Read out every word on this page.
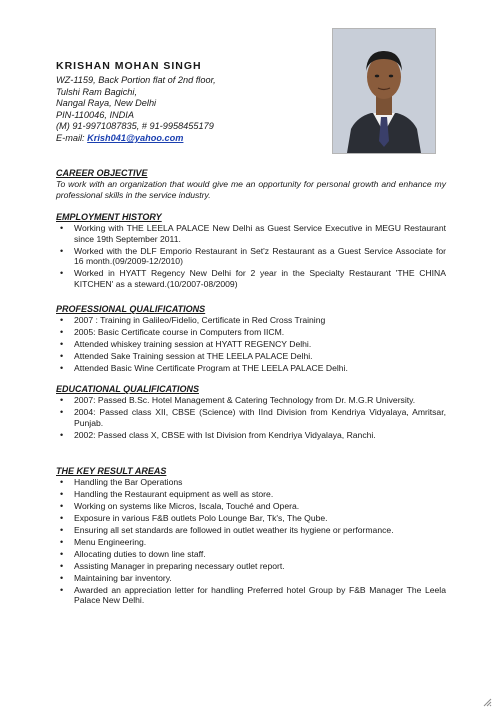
KRISHAN MOHAN SINGH
WZ-1159, Back Portion flat of 2nd floor,
Tulshi Ram Bagichi,
Nangal Raya, New Delhi
PIN-110046, INDIA
(M) 91-9971087835, # 91-9958455179
E-mail: Krish041@yahoo.com
CAREER OBJECTIVE
To work with an organization that would give me an opportunity for personal growth and enhance my professional skills in the service industry.
EMPLOYMENT HISTORY
• Working with THE LEELA PALACE New Delhi as Guest Service Executive in MEGU Restaurant since 19th September 2011.
• Worked with the DLF Emporio Restaurant in Set'z Restaurant as a Guest Service Associate for 16 month.(09/2009-12/2010)
• Worked in HYATT Regency New Delhi for 2 year in the Specialty Restaurant 'THE CHINA KITCHEN' as a steward.(10/2007-08/2009)
PROFESSIONAL QUALIFICATIONS
• 2007 : Training in Galileo/Fidelio, Certificate in Red Cross Training
• 2005: Basic Certificate course in Computers from IICM.
• Attended whiskey training session at HYATT REGENCY Delhi.
• Attended Sake Training session at THE LEELA PALACE Delhi.
• Attended Basic Wine Certificate Program at THE LEELA PALACE Delhi.
EDUCATIONAL QUALIFICATIONS
• 2007: Passed B.Sc. Hotel Management & Catering Technology from Dr. M.G.R University.
• 2004: Passed class XII, CBSE (Science) with IInd Division from Kendriya Vidyalaya, Amritsar, Punjab.
• 2002: Passed class X, CBSE with Ist Division from Kendriya Vidyalaya, Ranchi.
THE KEY RESULT AREAS
• Handling the Bar Operations
• Handling the Restaurant equipment as well as store.
• Working on systems like Micros, Iscala, Touché and Opera.
• Exposure in various F&B outlets Polo Lounge Bar, Tk's, The Qube.
• Ensuring all set standards are followed in outlet weather its hygiene or performance.
• Menu Engineering.
• Allocating duties to down line staff.
• Assisting Manager in preparing necessary outlet report.
• Maintaining bar inventory.
• Awarded an appreciation letter for handling Preferred hotel Group by F&B Manager The Leela Palace New Delhi.
